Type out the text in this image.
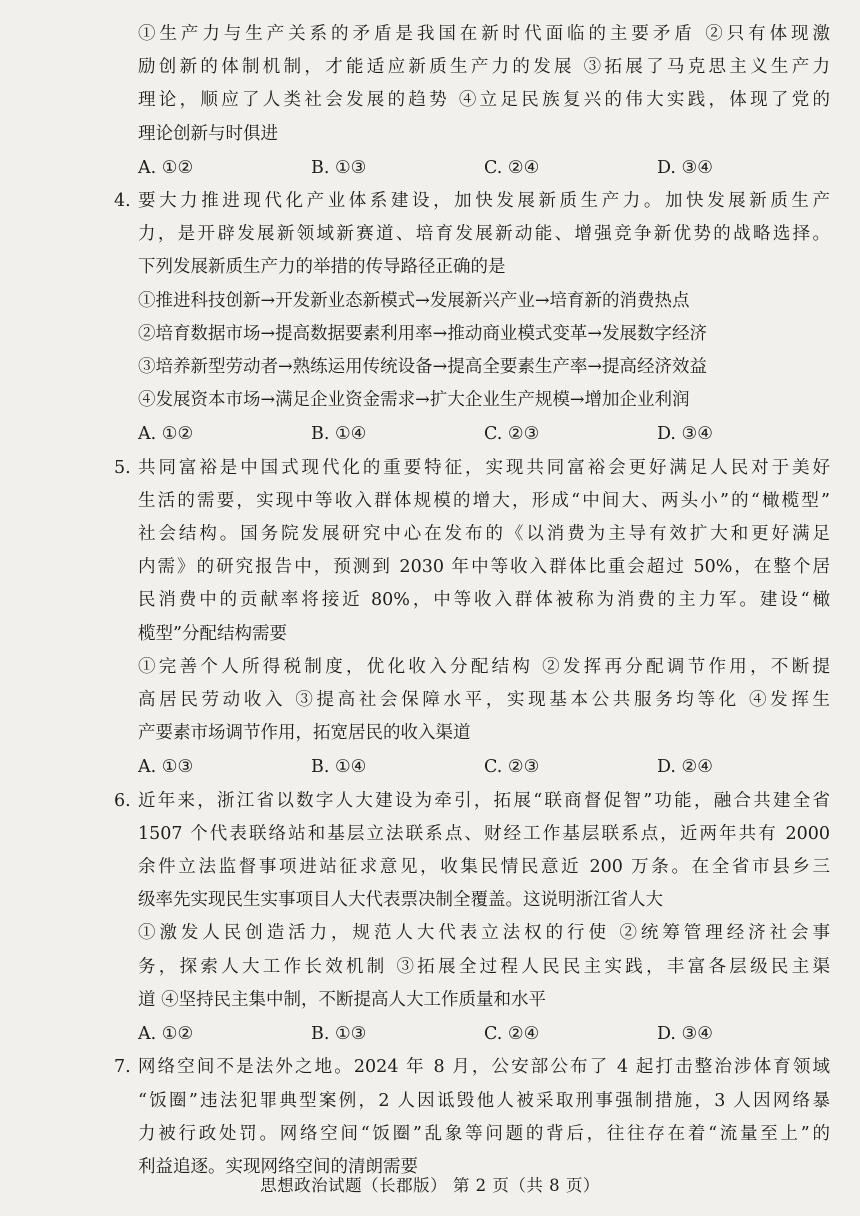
①生产力与生产关系的矛盾是我国在新时代面临的主要矛盾 ②只有体现激

励创新的体制机制，才能适应新质生产力的发展 ③拓展了马克思主义生产力

理论，顺应了人类社会发展的趋势 ④立足民族复兴的伟大实践，体现了党的

理论创新与时俱进

A. ①②	B. ①③	C. ②④	D. ③④
4. 要大力推进现代化产业体系建设，加快发展新质生产力。加快发展新质生产

力，是开辟发展新领域新赛道、培育发展新动能、增强竞争新优势的战略选择。

下列发展新质生产力的举措的传导路径正确的是

①推进科技创新→开发新业态新模式→发展新兴产业→培育新的消费热点

②培育数据市场→提高数据要素利用率→推动商业模式变革→发展数字经济

③培养新型劳动者→熟练运用传统设备→提高全要素生产率→提高经济效益

④发展资本市场→满足企业资金需求→扩大企业生产规模→增加企业利润

A. ①②	B. ①④	C. ②③	D. ③④
5. 共同富裕是中国式现代化的重要特征，实现共同富裕会更好满足人民对于美好

生活的需要，实现中等收入群体规模的增大，形成“中间大、两头小”的“橄榄型”

社会结构。国务院发展研究中心在发布的《以消费为主导有效扩大和更好满足

内需》的研究报告中，预测到 2030 年中等收入群体比重会超过 50%，在整个居

民消费中的贡献率将接近 80%，中等收入群体被称为消费的主力军。建设“橄

榄型”分配结构需要

①完善个人所得税制度，优化收入分配结构 ②发挥再分配调节作用，不断提

高居民劳动收入 ③提高社会保障水平，实现基本公共服务均等化 ④发挥生

产要素市场调节作用，拓宽居民的收入渠道

A. ①③	B. ①④	C. ②③	D. ②④
6. 近年来，浙江省以数字人大建设为牵引，拓展“联商督促智”功能，融合共建全省

1507 个代表联络站和基层立法联系点、财经工作基层联系点，近两年共有 2000

余件立法监督事项进站征求意见，收集民情民意近 200 万条。在全省市县乡三

级率先实现民生实事项目人大代表票决制全覆盖。这说明浙江省人大

①激发人民创造活力，规范人大代表立法权的行使 ②统筹管理经济社会事

务，探索人大工作长效机制 ③拓展全过程人民民主实践，丰富各层级民主渠

道 ④坚持民主集中制，不断提高人大工作质量和水平

A. ①②	B. ①③	C. ②④	D. ③④
7. 网络空间不是法外之地。2024 年 8 月，公安部公布了 4 起打击整治涉体育领域

“饭圈”违法犯罪典型案例，2 人因诋毁他人被采取刑事强制措施，3 人因网络暴

力被行政处罚。网络空间“饭圈”乱象等问题的背后，往往存在着“流量至上”的

利益追逐。实现网络空间的清朗需要

思想政治试题（长郡版） 第 2 页（共 8 页）
